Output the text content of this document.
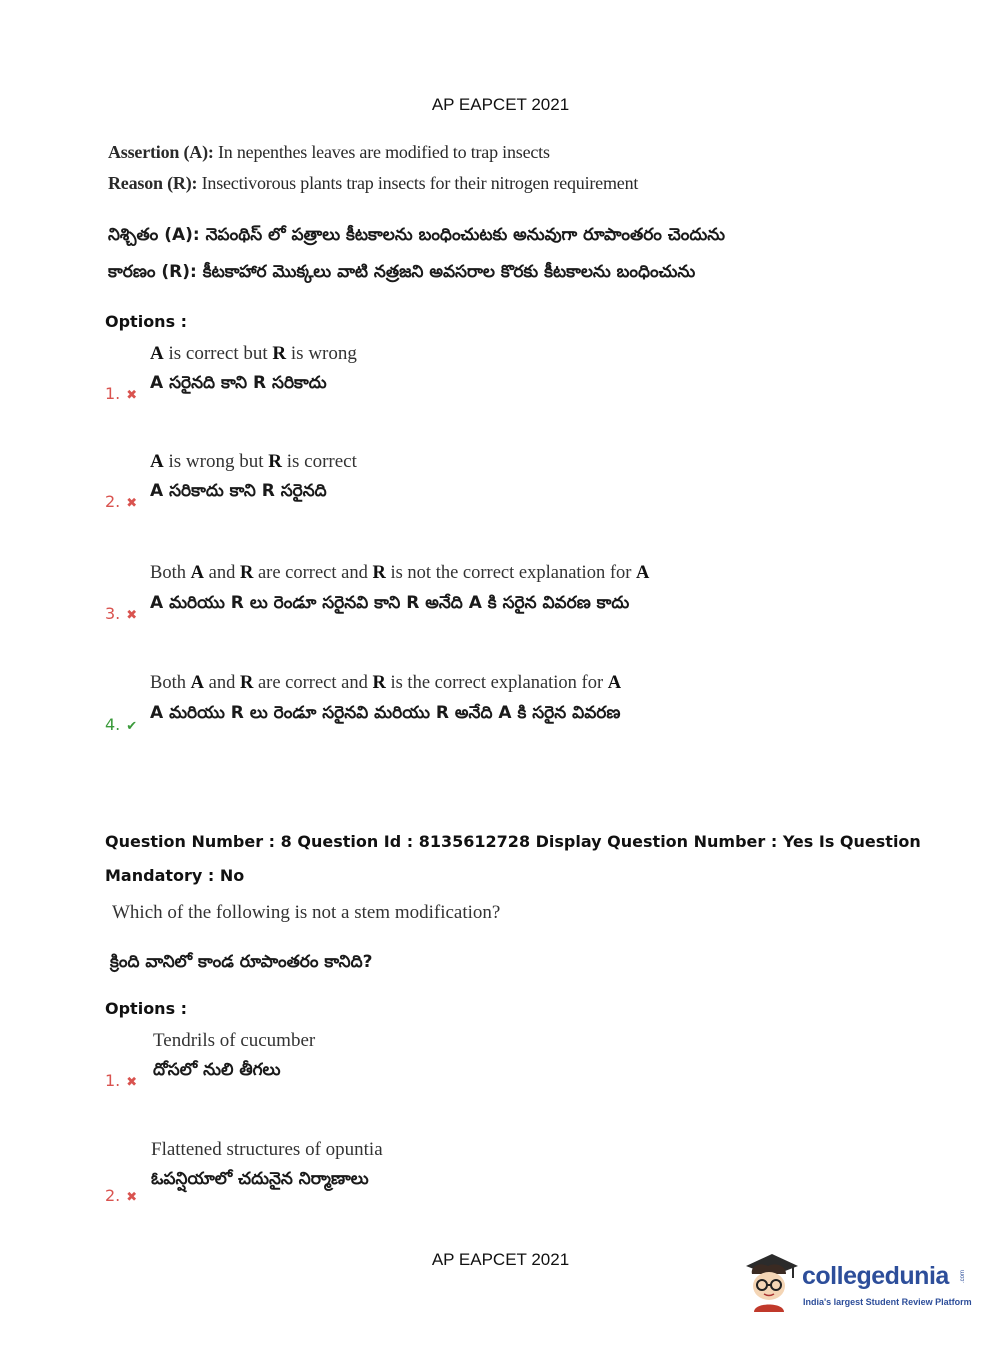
AP EAPCET 2021
Assertion (A): In nepenthes leaves are modified to trap insects
Reason (R): Insectivorous plants trap insects for their nitrogen requirement
నిశ్చితం (A): నెపంథిస్ లో పత్రాలు కీటకాలను బంధించుటకు అనువుగా రూపాంతరం చెందును
కారణం (R): కీటకాహార మొక్కలు వాటి నత్రజని అవసరాల కొరకు కీటకాలను బంధించును
Options :
A is correct but R is wrong
A సరైనది కాని R సరికాదు
1. ✖
A is wrong but R is correct
A సరికాదు కాని R సరైనది
2. ✖
Both A and R are correct and R is not the correct explanation for A
A మరియు R లు రెండూ సరైనవి కాని R అనేది A కి సరైన వివరణ కాదు
3. ✖
Both A and R are correct and R is the correct explanation for A
A మరియు R లు రెండూ సరైనవి మరియు R అనేది A కి సరైన వివరణ
4. ✔
Question Number : 8 Question Id : 8135612728 Display Question Number : Yes Is Question
Mandatory : No
Which of the following is not a stem modification?
క్రింది వానిలో కాండ రూపాంతరం కానిది?
Options :
Tendrils of cucumber
దోసలో నులి తీగలు
1. ✖
Flattened structures of opuntia
ఓపన్షియాలో చదునైన నిర్మాణాలు
2. ✖
AP EAPCET 2021
collegedunia .com
India's largest Student Review Platform
